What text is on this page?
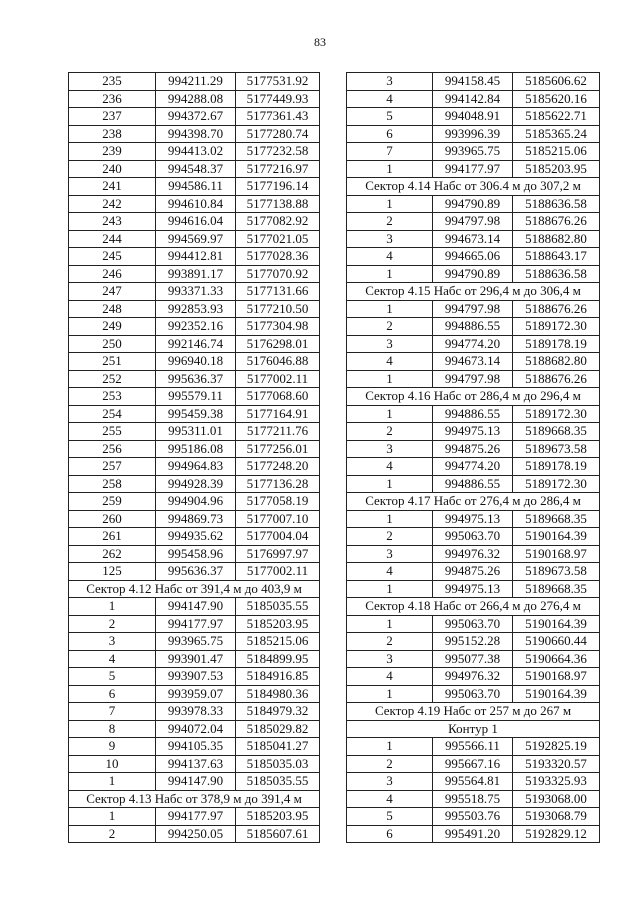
83
235	994211.29	5177531.92
236	994288.08	5177449.93
237	994372.67	5177361.43
238	994398.70	5177280.74
239	994413.02	5177232.58
240	994548.37	5177216.97
241	994586.11	5177196.14
242	994610.84	5177138.88
243	994616.04	5177082.92
244	994569.97	5177021.05
245	994412.81	5177028.36
246	993891.17	5177070.92
247	993371.33	5177131.66
248	992853.93	5177210.50
249	992352.16	5177304.98
250	992146.74	5176298.01
251	996940.18	5176046.88
252	995636.37	5177002.11
253	995579.11	5177068.60
254	995459.38	5177164.91
255	995311.01	5177211.76
256	995186.08	5177256.01
257	994964.83	5177248.20
258	994928.39	5177136.28
259	994904.96	5177058.19
260	994869.73	5177007.10
261	994935.62	5177004.04
262	995458.96	5176997.97
125	995636.37	5177002.11
Сектор 4.12 Набс от 391,4 м до 403,9 м		
1	994147.90	5185035.55
2	994177.97	5185203.95
3	993965.75	5185215.06
4	993901.47	5184899.95
5	993907.53	5184916.85
6	993959.07	5184980.36
7	993978.33	5184979.32
8	994072.04	5185029.82
9	994105.35	5185041.27
10	994137.63	5185035.03
1	994147.90	5185035.55
Сектор 4.13 Набс от 378,9 м до 391,4 м		
1	994177.97	5185203.95
2	994250.05	5185607.61
3	994158.45	5185606.62
4	994142.84	5185620.16
5	994048.91	5185622.71
6	993996.39	5185365.24
7	993965.75	5185215.06
1	994177.97	5185203.95
Сектор 4.14 Набс от 306.4 м до 307,2 м		
1	994790.89	5188636.58
2	994797.98	5188676.26
3	994673.14	5188682.80
4	994665.06	5188643.17
1	994790.89	5188636.58
Сектор 4.15 Набс от 296,4 м до 306,4 м		
1	994797.98	5188676.26
2	994886.55	5189172.30
3	994774.20	5189178.19
4	994673.14	5188682.80
1	994797.98	5188676.26
Сектор 4.16 Набс от 286,4 м до 296,4 м		
1	994886.55	5189172.30
2	994975.13	5189668.35
3	994875.26	5189673.58
4	994774.20	5189178.19
1	994886.55	5189172.30
Сектор 4.17 Набс от 276,4 м до 286,4 м		
1	994975.13	5189668.35
2	995063.70	5190164.39
3	994976.32	5190168.97
4	994875.26	5189673.58
1	994975.13	5189668.35
Сектор 4.18 Набс от 266,4 м до 276,4 м		
1	995063.70	5190164.39
2	995152.28	5190660.44
3	995077.38	5190664.36
4	994976.32	5190168.97
1	995063.70	5190164.39
Сектор 4.19 Набс от 257 м до 267 м		
Контур 1		
1	995566.11	5192825.19
2	995667.16	5193320.57
3	995564.81	5193325.93
4	995518.75	5193068.00
5	995503.76	5193068.79
6	995491.20	5192829.12
